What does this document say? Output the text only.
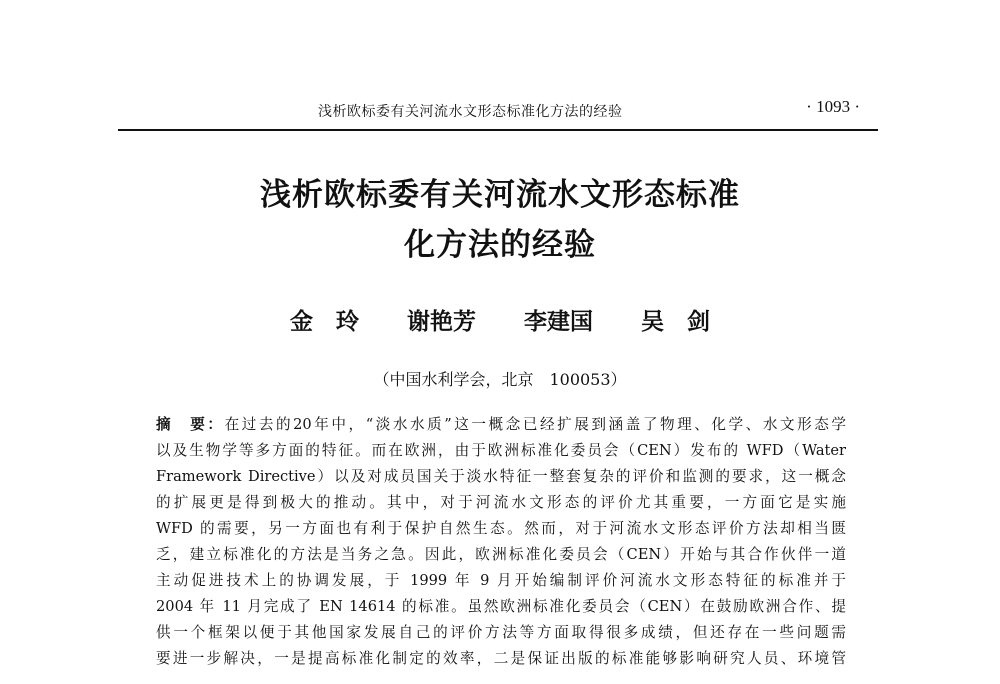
浅析欧标委有关河流水文形态标准化方法的经验	· 1093 ·
浅析欧标委有关河流水文形态标准
化方法的经验
金　玲 谢艳芳 李建国 吴　剑
（中国水利学会，北京　100053）
摘　要：在过去的20年中，“淡水水质”这一概念已经扩展到涵盖了物理、化学、水文形态学
以及生物学等多方面的特征。而在欧洲，由于欧洲标准化委员会（CEN）发布的 WFD（Water
Framework Directive）以及对成员国关于淡水特征一整套复杂的评价和监测的要求，这一概念
的扩展更是得到极大的推动。其中，对于河流水文形态的评价尤其重要，一方面它是实施
WFD 的需要，另一方面也有利于保护自然生态。然而，对于河流水文形态评价方法却相当匮
乏，建立标准化的方法是当务之急。因此，欧洲标准化委员会（CEN）开始与其合作伙伴一道
主动促进技术上的协调发展，于 1999 年 9 月开始编制评价河流水文形态特征的标准并于
2004 年 11 月完成了 EN 14614 的标准。虽然欧洲标准化委员会（CEN）在鼓励欧洲合作、提
供一个框架以便于其他国家发展自己的评价方法等方面取得很多成绩，但还存在一些问题需
要进一步解决，一是提高标准化制定的效率，二是保证出版的标准能够影响研究人员、环境管
